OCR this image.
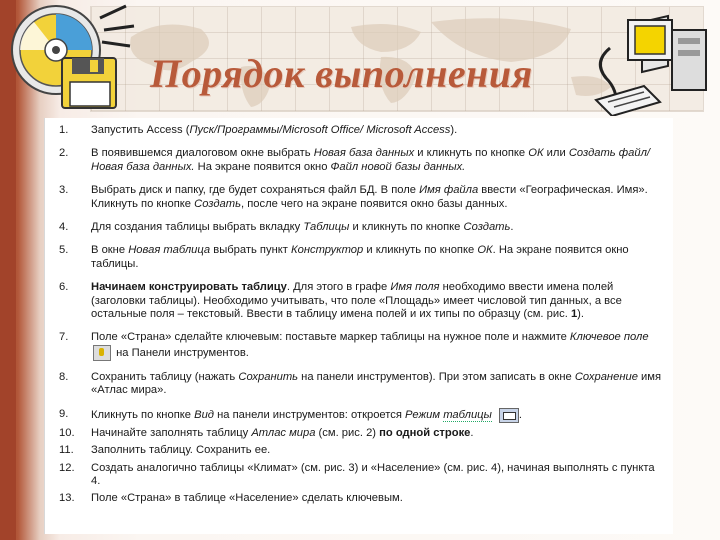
Порядок выполнения
1.	Запустить Access (Пуск/Программы/Microsoft Office/ Microsoft Access).
2.	В появившемся диалоговом окне выбрать Новая база данных и кликнуть по кнопке ОК или Создать файл/Новая база данных. На экране появится окно Файл новой базы данных.
3.	Выбрать диск и папку, где будет сохраняться файл БД. В поле Имя файла ввести «Географическая. Имя». Кликнуть по кнопке Создать, после чего на экране появится окно базы данных.
4.	Для создания таблицы выбрать вкладку Таблицы и кликнуть по кнопке Создать.
5.	В окне Новая таблица выбрать пункт Конструктор и кликнуть по кнопке ОК. На экране появится окно таблицы.
6.	Начинаем конструировать таблицу. Для этого в графе Имя поля необходимо ввести имена полей (заголовки таблицы). Необходимо учитывать, что поле «Площадь» имеет числовой тип данных, а все остальные поля – текстовый. Ввести в таблицу имена полей и их типы по образцу (см. рис. 1).
7.	Поле «Страна» сделайте ключевым: поставьте маркер таблицы на нужное поле и нажмите Ключевое поле
на Панели инструментов.
8.	Сохранить таблицу (нажать Сохранить на панели инструментов). При этом записать в окне Сохранение имя «Атлас мира».
9.	Кликнуть по кнопке Вид на панели инструментов: откроется Режим таблицы .
10.	Начинайте заполнять таблицу Атлас мира (см. рис. 2) по одной строке.
11.	Заполнить таблицу. Сохранить ее.
12.	Создать аналогично таблицы «Климат» (см. рис. 3) и «Население» (см. рис. 4), начиная выполнять с пункта 4.
13.	Поле «Страна» в таблице «Население» сделать ключевым.
